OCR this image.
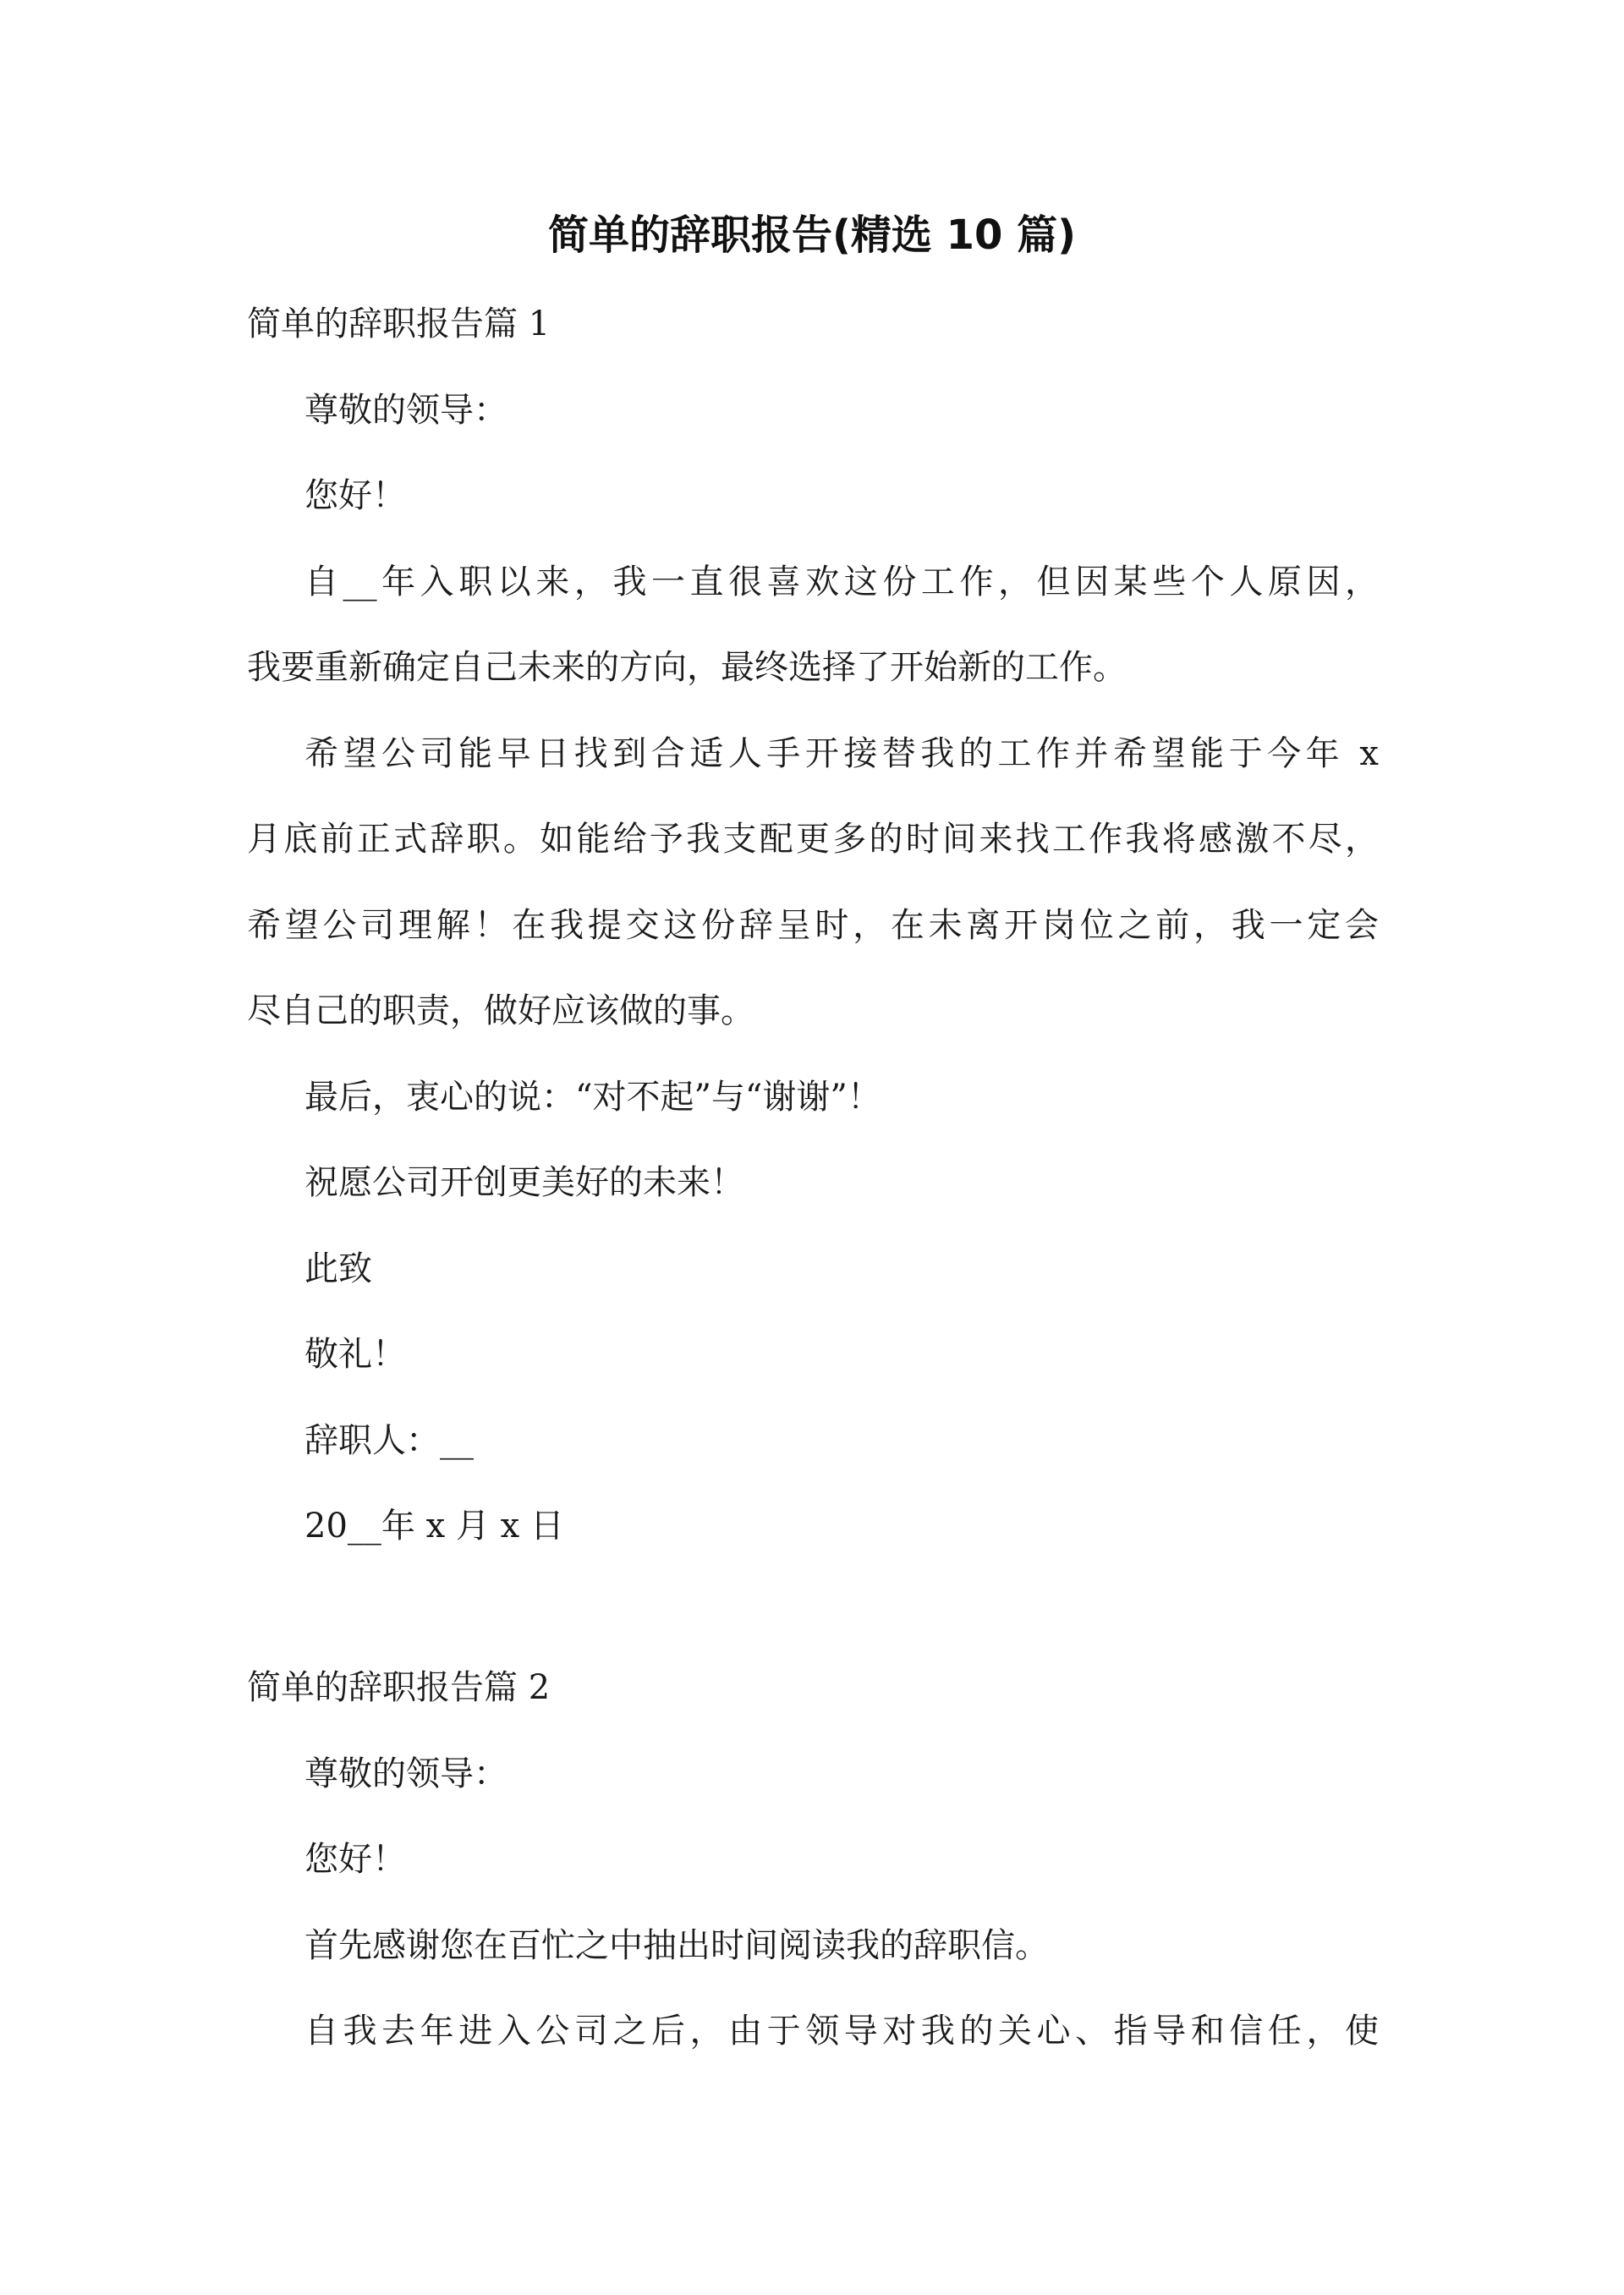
简单的辞职报告(精选 10 篇)
简单的辞职报告篇 1
尊敬的领导：
您好！
自__年入职以来，我一直很喜欢这份工作，但因某些个人原因，
我要重新确定自己未来的方向，最终选择了开始新的工作。
希望公司能早日找到合适人手开接替我的工作并希望能于今年 x
月底前正式辞职。如能给予我支配更多的时间来找工作我将感激不尽，
希望公司理解！在我提交这份辞呈时，在未离开岗位之前，我一定会
尽自己的职责，做好应该做的事。
最后，衷心的说：“对不起”与“谢谢”！
祝愿公司开创更美好的未来！
此致
敬礼！
辞职人：__
20__年 x 月 x 日
简单的辞职报告篇 2
尊敬的领导：
您好！
首先感谢您在百忙之中抽出时间阅读我的辞职信。
自我去年进入公司之后，由于领导对我的关心、指导和信任，使
